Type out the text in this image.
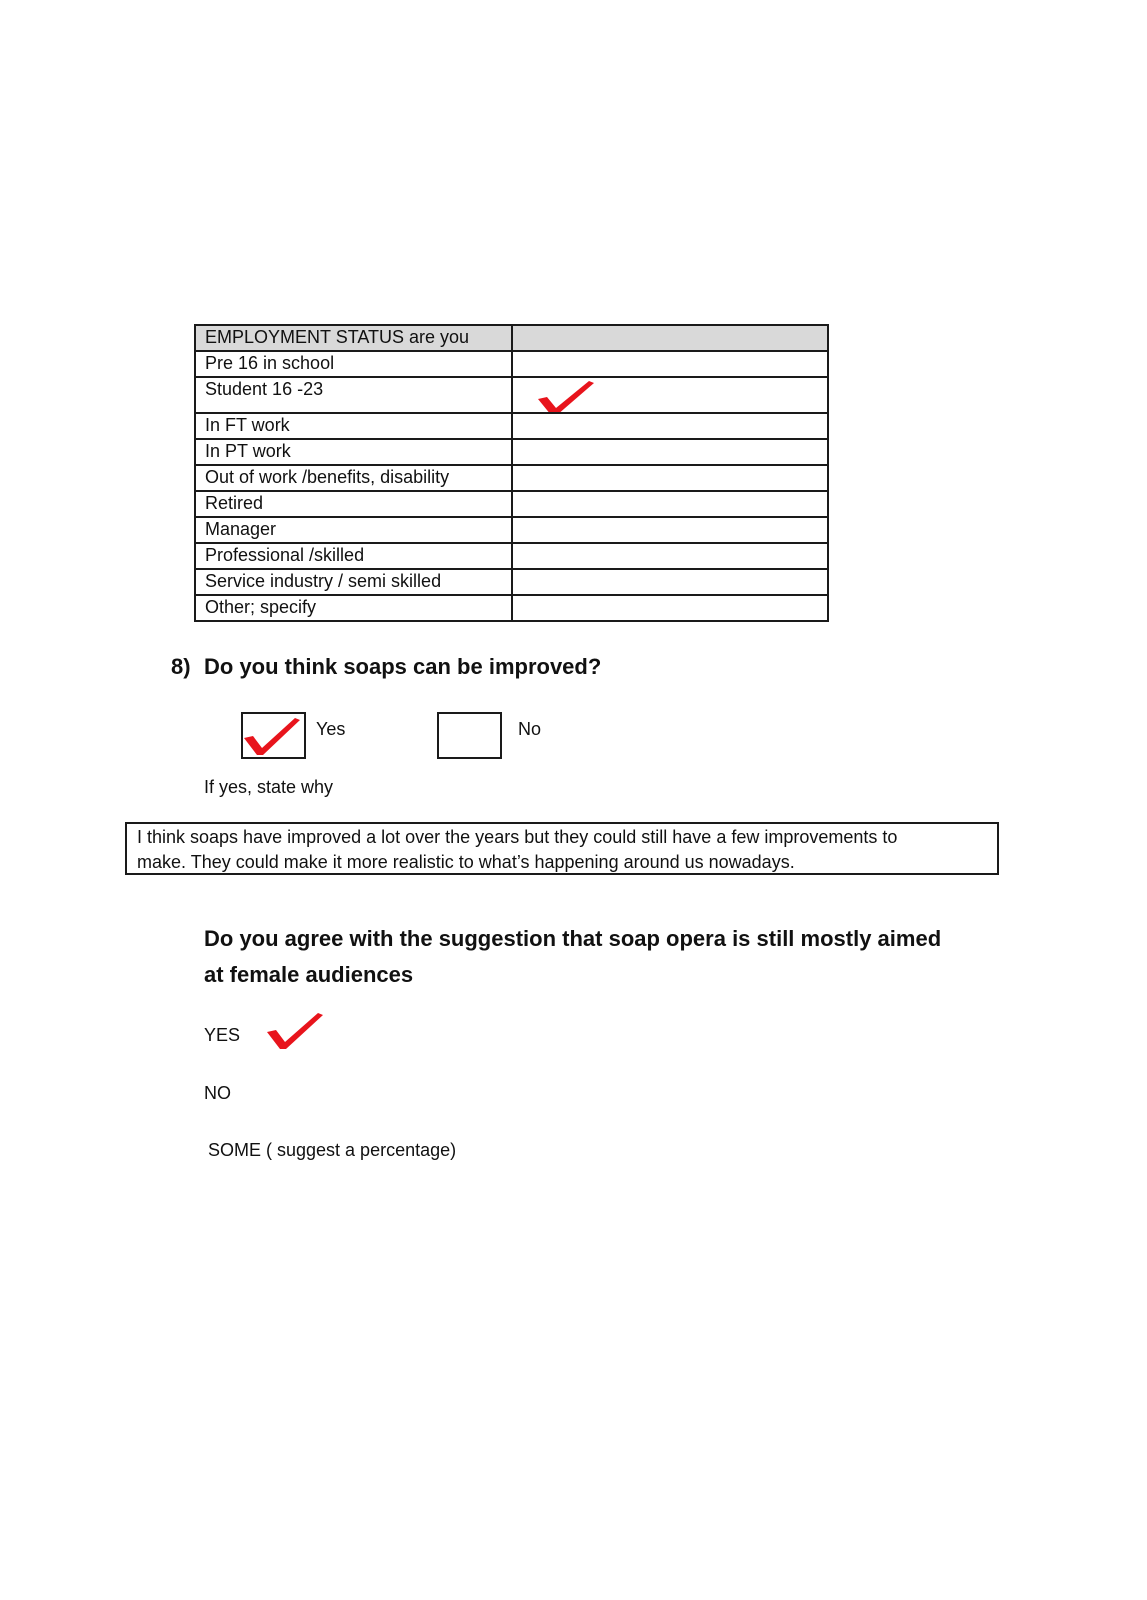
EMPLOYMENT STATUS are you	
Pre 16 in school	
Student 16 -23	

In FT work	
In PT work	
Out of work /benefits, disability	
Retired	
Manager	
Professional /skilled	
Service industry / semi skilled	
Other; specify	
8) Do you think soaps can be improved?
Yes	No
If yes, state why
I think soaps have improved a lot over the years but they could still have a few improvements to
make. They could make it more realistic to what’s happening around us nowadays.
Do you agree with the suggestion that soap opera is still mostly aimed
at female audiences
YES
NO
SOME ( suggest a percentage)
